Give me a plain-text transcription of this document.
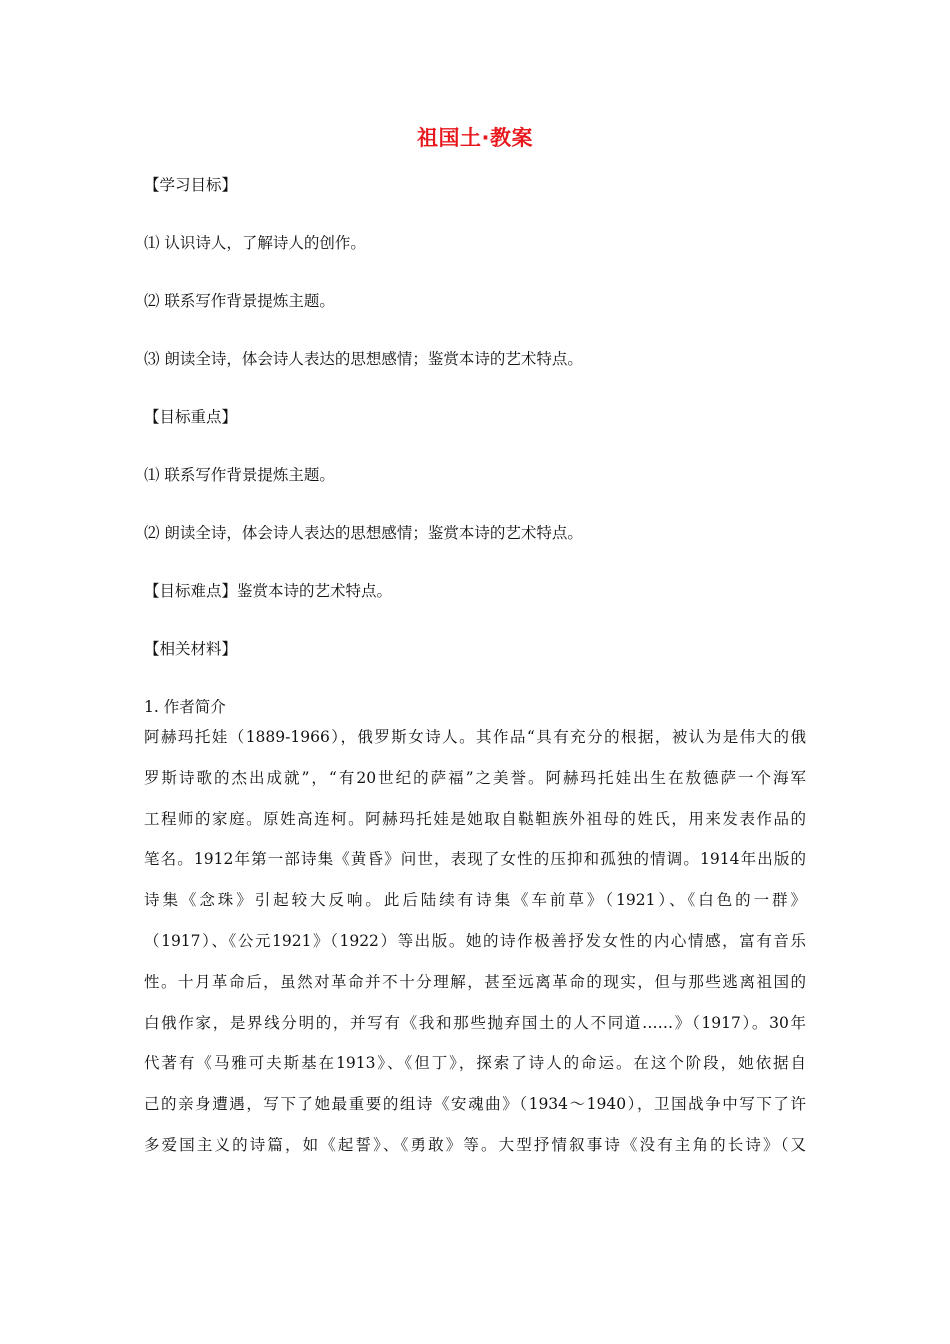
祖国土·教案
【学习目标】
⑴ 认识诗人，了解诗人的创作。
⑵ 联系写作背景提炼主题。
⑶ 朗读全诗，体会诗人表达的思想感情；鉴赏本诗的艺术特点。
【目标重点】
⑴ 联系写作背景提炼主题。
⑵ 朗读全诗，体会诗人表达的思想感情；鉴赏本诗的艺术特点。
【目标难点】鉴赏本诗的艺术特点。
【相关材料】
1. 作者简介
阿赫玛托娃（1889-1966），俄罗斯女诗人。其作品“具有充分的根据，被认为是伟大的俄
罗斯诗歌的杰出成就”，“有20世纪的萨福”之美誉。阿赫玛托娃出生在敖德萨一个海军
工程师的家庭。原姓高连柯。阿赫玛托娃是她取自鞑靼族外祖母的姓氏，用来发表作品的
笔名。1912年第一部诗集《黄昏》问世，表现了女性的压抑和孤独的情调。1914年出版的
诗集《念珠》引起较大反响。此后陆续有诗集《车前草》（1921）、《白色的一群》
（1917）、《公元1921》（1922）等出版。她的诗作极善抒发女性的内心情感，富有音乐
性。十月革命后，虽然对革命并不十分理解，甚至远离革命的现实，但与那些逃离祖国的
白俄作家，是界线分明的，并写有《我和那些抛弃国土的人不同道……》（1917）。30年
代著有《马雅可夫斯基在1913》、《但丁》，探索了诗人的命运。在这个阶段，她依据自
己的亲身遭遇，写下了她最重要的组诗《安魂曲》（1934～1940），卫国战争中写下了许
多爱国主义的诗篇，如《起誓》、《勇敢》等。大型抒情叙事诗《没有主角的长诗》（又
